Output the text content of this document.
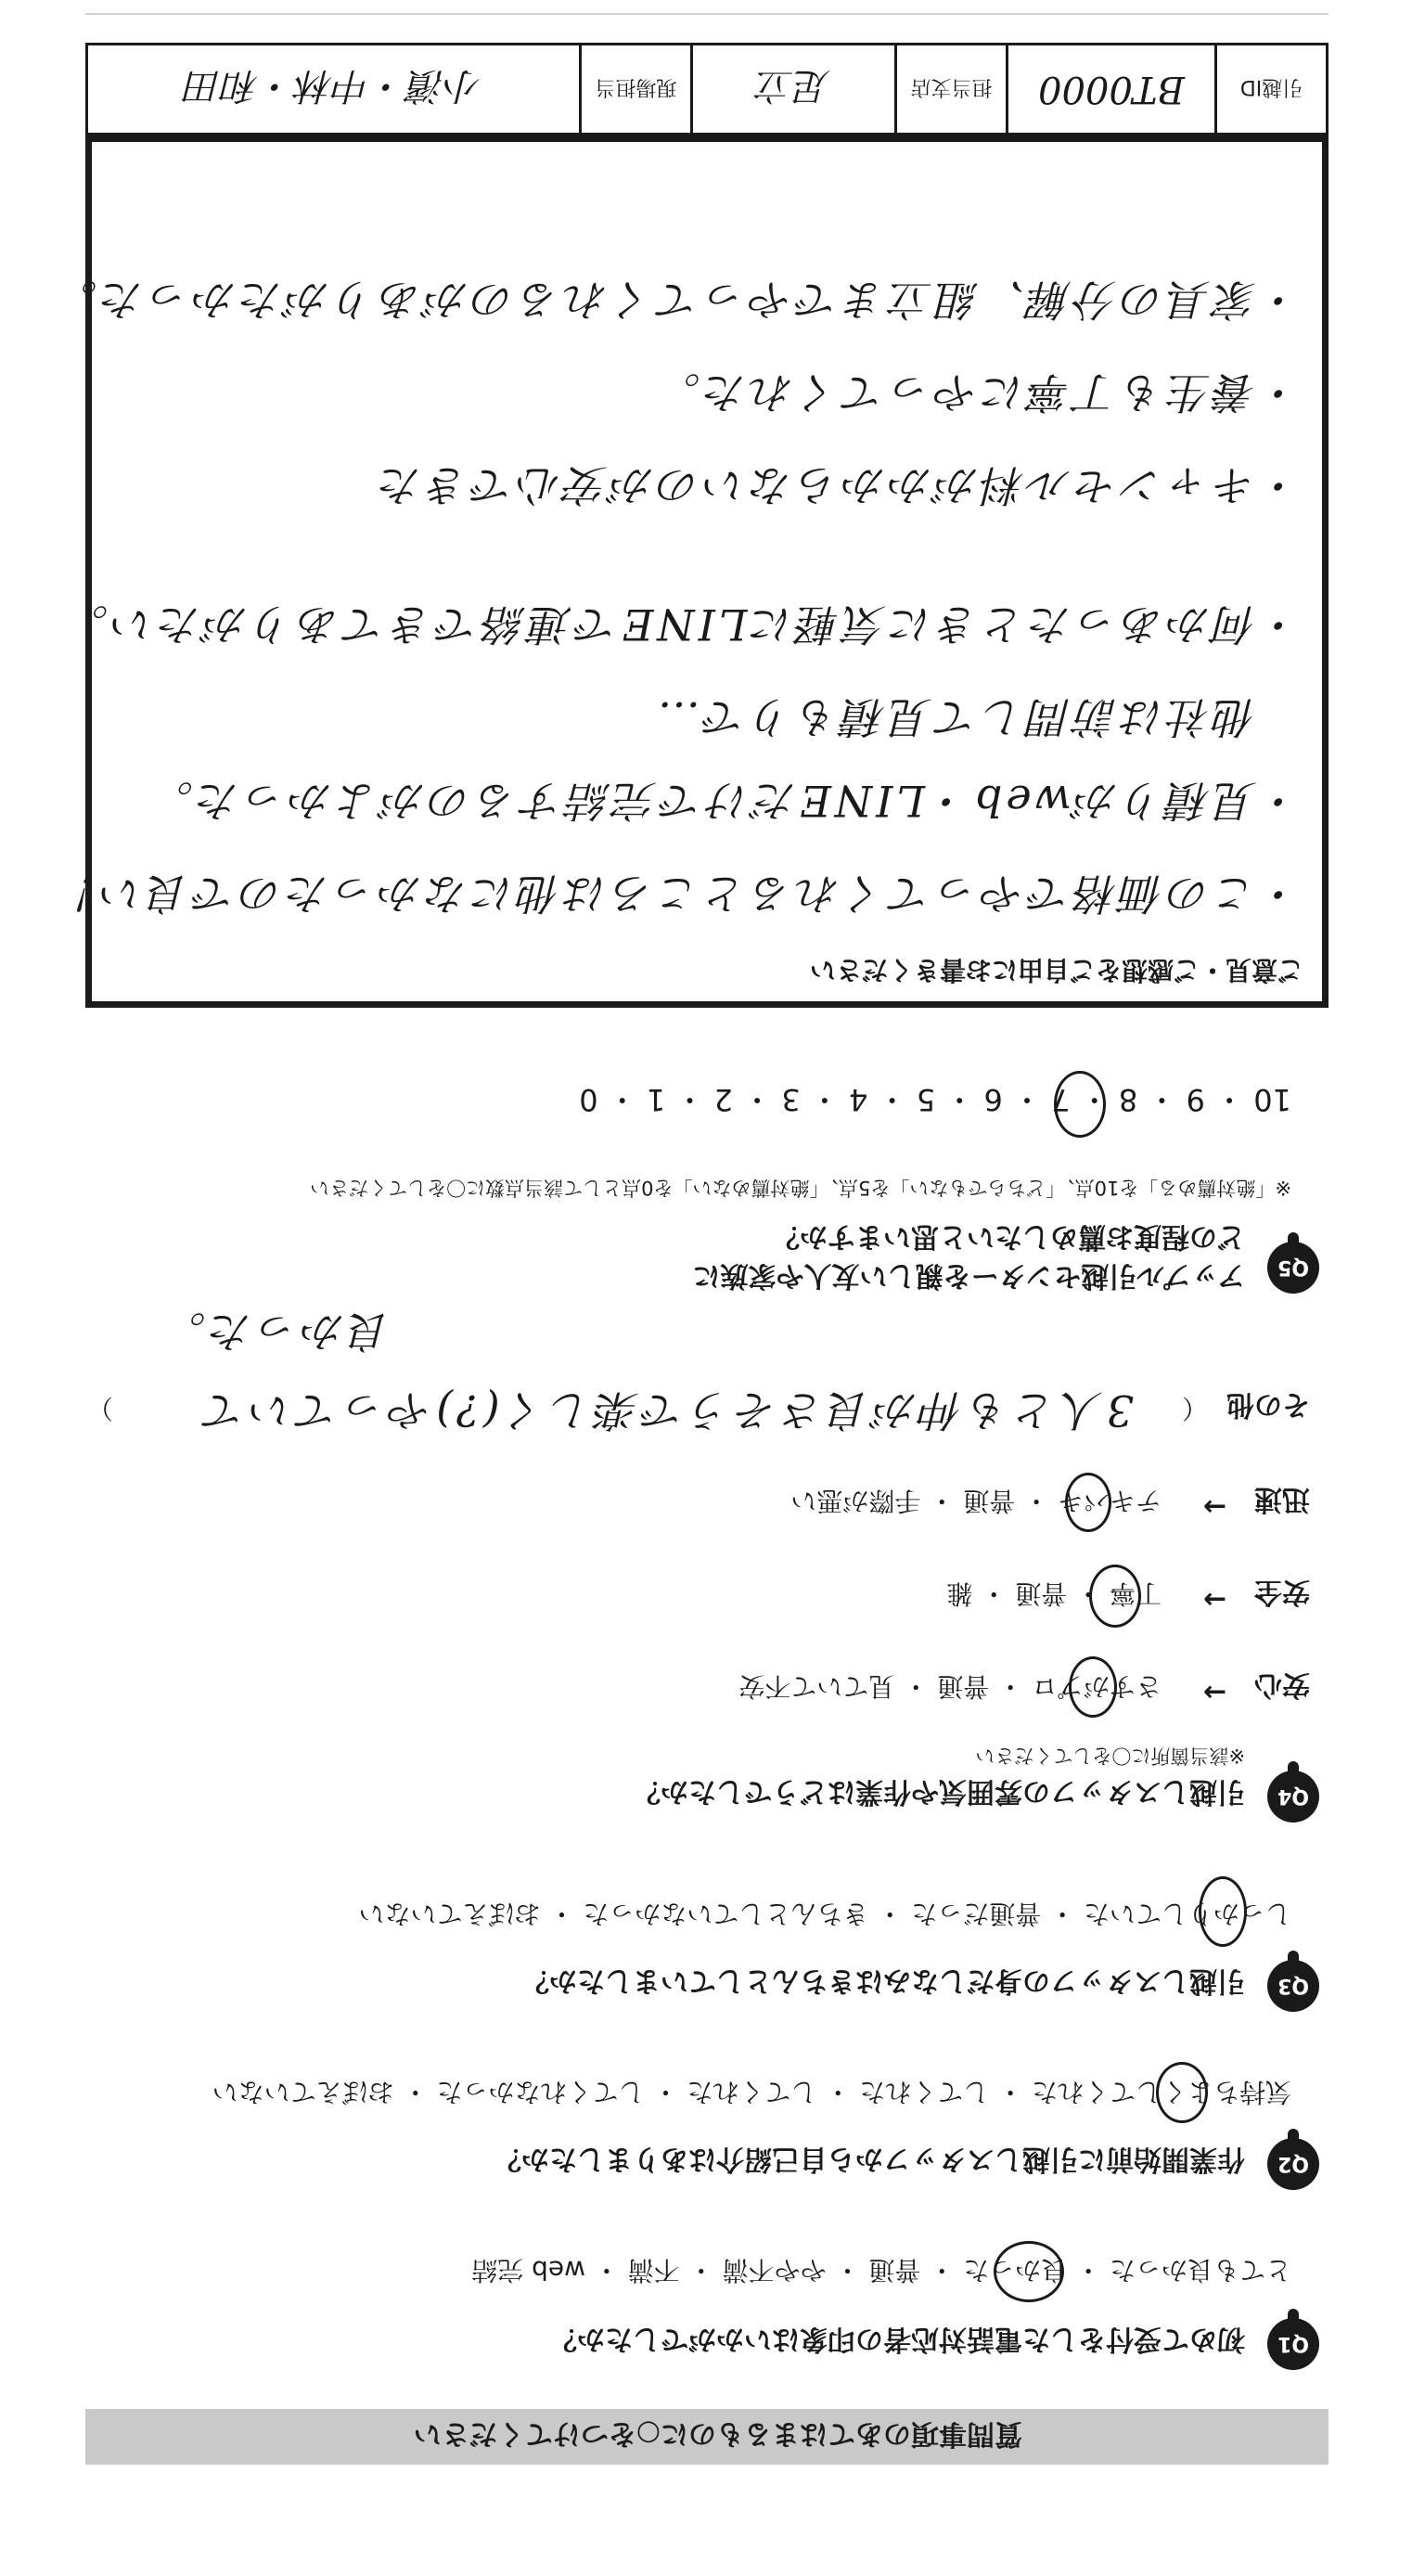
質問事項のあてはまるものに○をつけてください
Q1
初めて受付をした電話対応者の印象はいかがでしたか？
とても良かった ・ 良かった ・ 普通 ・ やや不満 ・ 不満 ・ web 完結
Q2
作業開始前に引越しスタッフから自己紹介はありましたか？
気持ちよくしてくれた ・ してくれた ・ してくれた ・ してくれなかった ・ おぼえていない
Q3
引越しスタッフの身だしなみはきちんとしていましたか？
しっかりしていた ・ 普通だった ・ きちんとしていなかった ・ おぼえていない
Q4
引越しスタッフの雰囲気や作業はどうでしたか？
※該当箇所に〇をしてください
安心
→
さすがプロ ・ 普通 ・ 見ていて不安
安全
→
丁寧 ・ 普通 ・ 雑
迅速
→
テキパキ ・ 普通 ・ 手際が悪い
その他
（
3人とも仲が良さそうで楽しく(?)やっていて
）
良かった。
Q5
アップル引越センターを親しい友人や家族に
どの程度お薦めしたいと思いますか？
※「絶対薦める」を10点、「どちらでもない」を5点、「絶対薦めない」を0点として該当点数に〇をしてください
10 ・ 9 ・ 8 ・ 7 ・ 6 ・ 5 ・ 4 ・ 3 ・ 2 ・ 1 ・ 0
ご意見・ご感想をご自由にお書きください
・この価格でやってくれるところは他になかったので良い！
・見積りがweb・LINEだけで完結するのがよかった。
　他社は訪問して見積もりで…
・何かあったときに気軽にLINEで連絡できてありがたい。
・キャンセル料がかからないのが安心できた
・養生も丁寧にやってくれた。
・家具の分解、組立までやってくれるのがありがたかった。
引越ID
BT0000
担当支店
足立
現場担当
小濱・中林・和田
